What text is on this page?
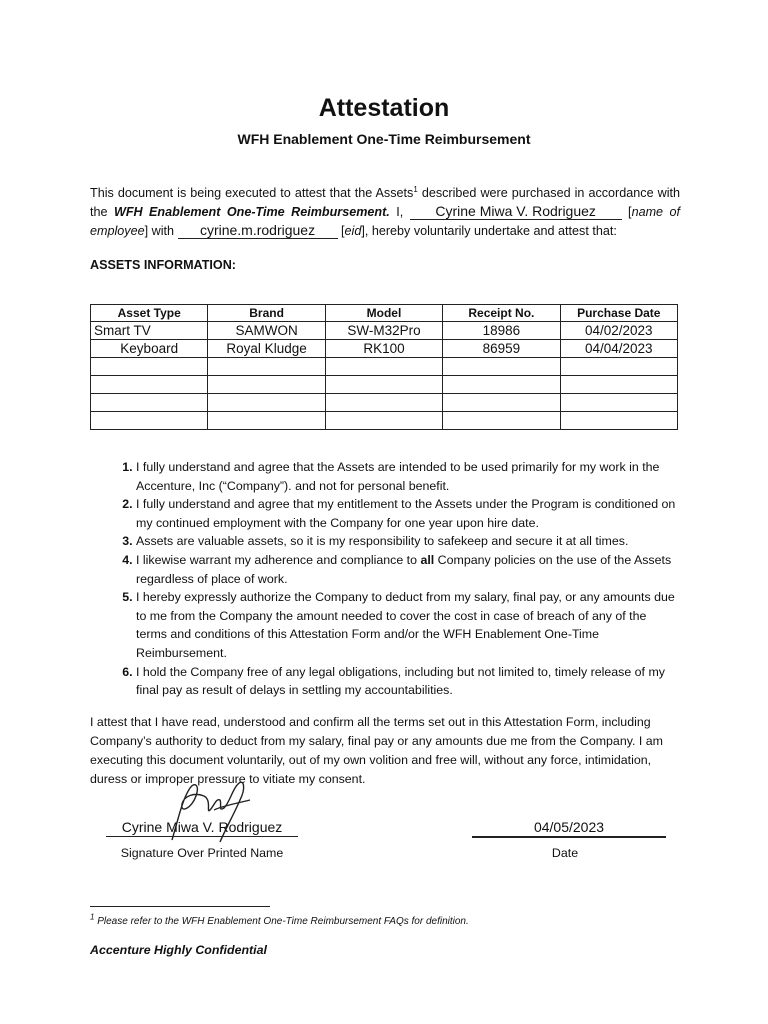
Attestation
WFH Enablement One-Time Reimbursement

This document is being executed to attest that the Assets$^1$ described were purchased in accordance with the WFH Enablement One-Time Reimbursement. I, Cyrine Miwa V. Rodriguez [name of employee] with cyrine.m.rodriguez [eid], hereby voluntarily undertake and attest that:

ASSETS INFORMATION:

Asset Type	Brand	Model	Receipt No.	Purchase Date
Smart TV	SAMWON	SW-M32Pro	18986	04/02/2023
Keyboard	Royal Kludge	RK100	86959	04/04/2023

1. I fully understand and agree that the Assets are intended to be used primarily for my work in the Accenture, Inc (“Company”). and not for personal benefit.
2. I fully understand and agree that my entitlement to the Assets under the Program is conditioned on my continued employment with the Company for one year upon hire date.
3. Assets are valuable assets, so it is my responsibility to safekeep and secure it at all times.
4. I likewise warrant my adherence and compliance to all Company policies on the use of the Assets regardless of place of work.
5. I hereby expressly authorize the Company to deduct from my salary, final pay, or any amounts due to me from the Company the amount needed to cover the cost in case of breach of any of the terms and conditions of this Attestation Form and/or the WFH Enablement One-Time Reimbursement.
6. I hold the Company free of any legal obligations, including but not limited to, timely release of my final pay as result of delays in settling my accountabilities.

I attest that I have read, understood and confirm all the terms set out in this Attestation Form, including Company’s authority to deduct from my salary, final pay or any amounts due me from the Company. I am executing this document voluntarily, out of my own volition and free will, without any force, intimidation, duress or improper pressure to vitiate my consent.

Cyrine Miwa V. Rodriguez
Signature Over Printed Name
04/05/2023
Date
$^1$ Please refer to the WFH Enablement One-Time Reimbursement FAQs for definition.
Accenture Highly Confidential
